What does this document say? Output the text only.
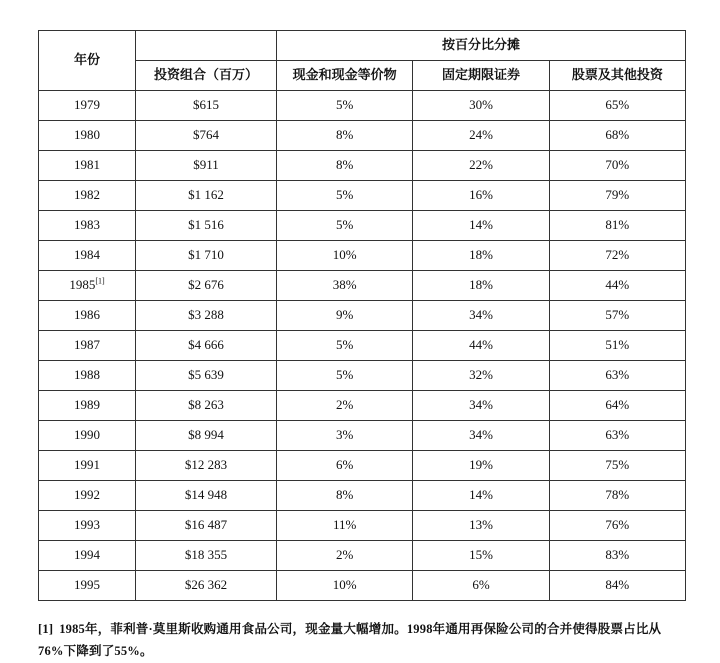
年份		按百分比分摊		
	投资组合（百万）	现金和现金等价物	固定期限证券	股票及其他投资
1979	$615	5%	30%	65%
1980	$764	8%	24%	68%
1981	$911	8%	22%	70%
1982	$1 162	5%	16%	79%
1983	$1 516	5%	14%	81%
1984	$1 710	10%	18%	72%
1985[1]	$2 676	38%	18%	44%
1986	$3 288	9%	34%	57%
1987	$4 666	5%	44%	51%
1988	$5 639	5%	32%	63%
1989	$8 263	2%	34%	64%
1990	$8 994	3%	34%	63%
1991	$12 283	6%	19%	75%
1992	$14 948	8%	14%	78%
1993	$16 487	11%	13%	76%
1994	$18 355	2%	15%	83%
1995	$26 362	10%	6%	84%
[1] 1985年，菲利普·莫里斯收购通用食品公司，现金量大幅增加。1998年通用再保险公司的合并使得股票占比从76%下降到了55%。
